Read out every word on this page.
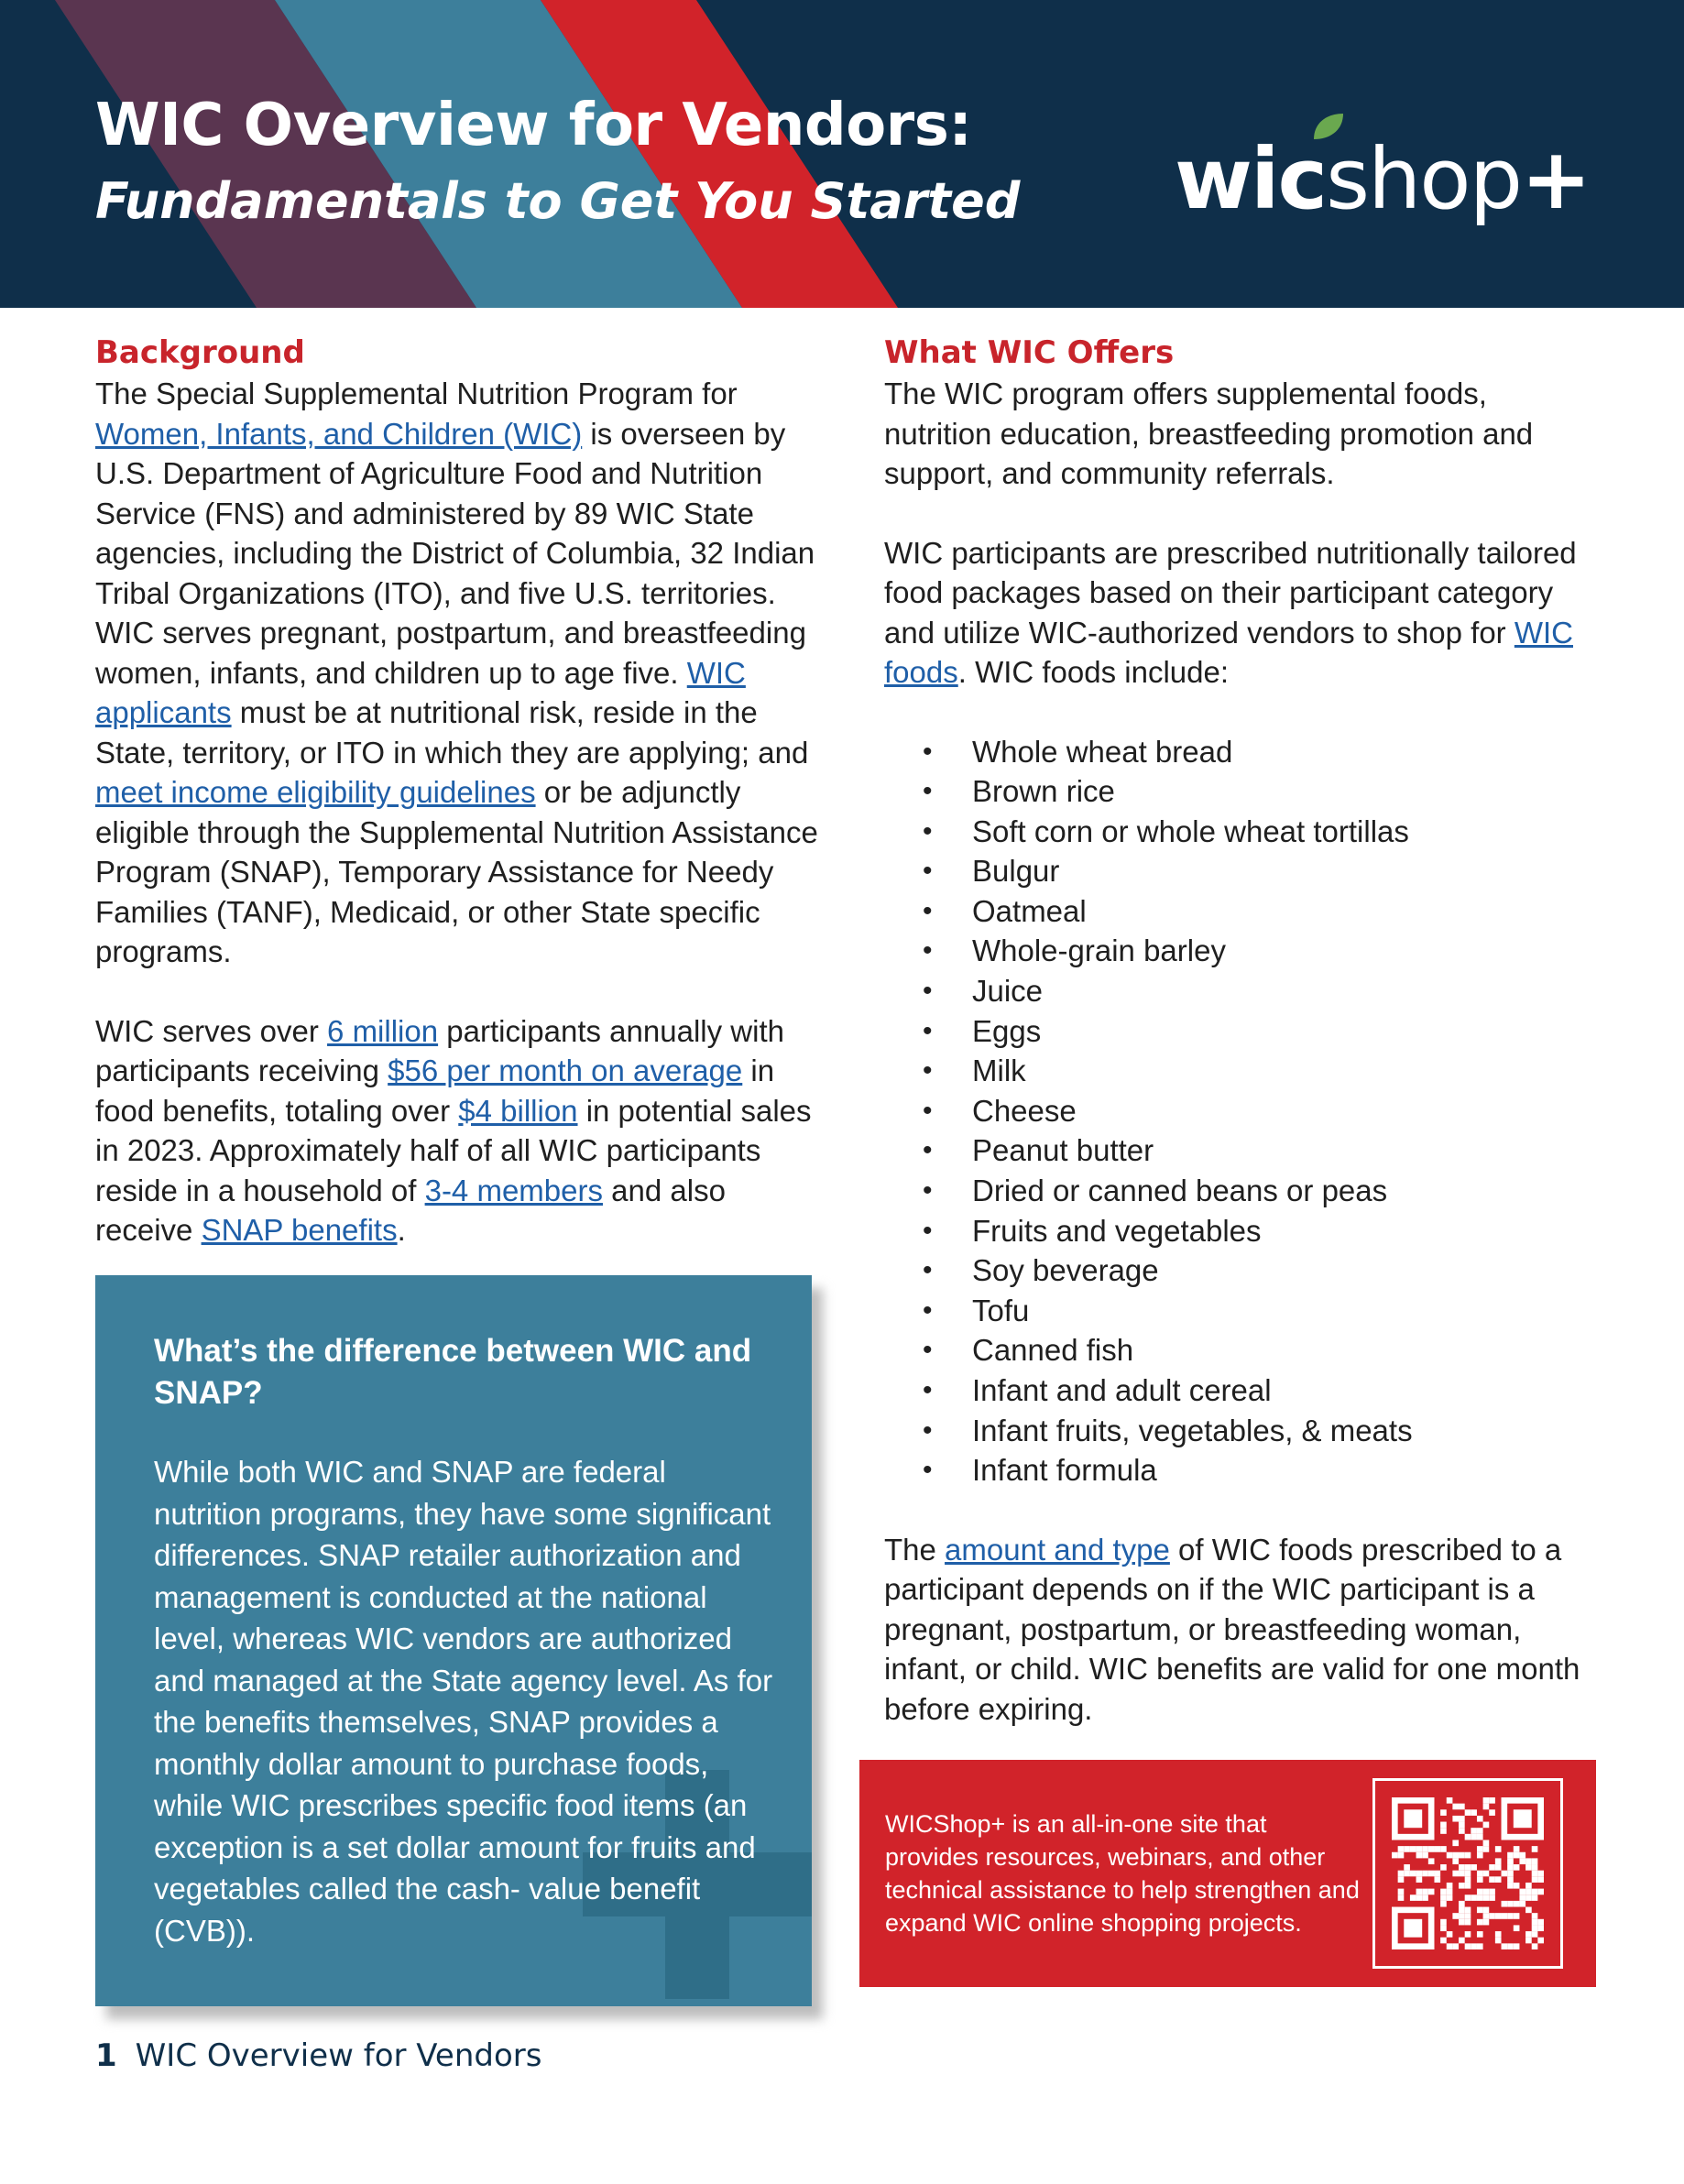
WIC Overview for Vendors:
Fundamentals to Get You Started wicshop+
Background

The Special Supplemental Nutrition Program for Women, Infants, and Children (WIC) is overseen by U.S. Department of Agriculture Food and Nutrition Service (FNS) and administered by 89 WIC State agencies, including the District of Columbia, 32 Indian Tribal Organizations (ITO), and five U.S. territories. WIC serves pregnant, postpartum, and breastfeeding women, infants, and children up to age five. WIC applicants must be at nutritional risk, reside in the State, territory, or ITO in which they are applying; and meet income eligibility guidelines or be adjunctly eligible through the Supplemental Nutrition Assistance Program (SNAP), Temporary Assistance for Needy Families (TANF), Medicaid, or other State specific programs.

WIC serves over 6 million participants annually with participants receiving $56 per month on average in food benefits, totaling over $4 billion in potential sales in 2023. Approximately half of all WIC participants reside in a household of 3-4 members and also receive SNAP benefits.

What’s the difference between WIC and SNAP?
While both WIC and SNAP are federal nutrition programs, they have some significant differences. SNAP retailer authorization and management is conducted at the national level, whereas WIC vendors are authorized and managed at the State agency level. As for the benefits themselves, SNAP provides a monthly dollar amount to purchase foods, while WIC prescribes specific food items (an exception is a set dollar amount for fruits and vegetables called the cash- value benefit (CVB)).
What WIC Offers

The WIC program offers supplemental foods, nutrition education, breastfeeding promotion and support, and community referrals.

WIC participants are prescribed nutritionally tailored food packages based on their participant category and utilize WIC-authorized vendors to shop for WIC foods. WIC foods include:

• Whole wheat bread
• Brown rice
• Soft corn or whole wheat tortillas
• Bulgur
• Oatmeal
• Whole-grain barley
• Juice
• Eggs
• Milk
• Cheese
• Peanut butter
• Dried or canned beans or peas
• Fruits and vegetables
• Soy beverage
• Tofu
• Canned fish
• Infant and adult cereal
• Infant fruits, vegetables, & meats
• Infant formula

The amount and type of WIC foods prescribed to a participant depends on if the WIC participant is a pregnant, postpartum, or breastfeeding woman, infant, or child. WIC benefits are valid for one month before expiring.

WICShop+ is an all-in-one site that provides resources, webinars, and other technical assistance to help strengthen and expand WIC online shopping projects.
1 WIC Overview for Vendors
